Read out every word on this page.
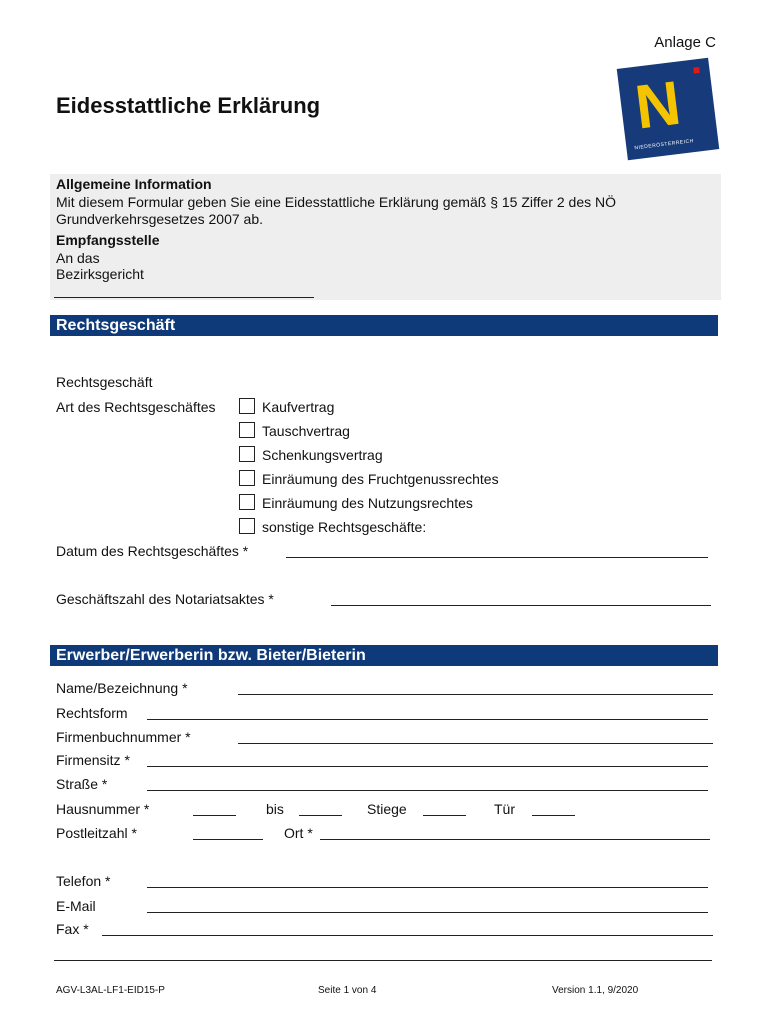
Anlage C
N
NIEDERÖSTERREICH
Eidesstattliche Erklärung
Allgemeine Information
Mit diesem Formular geben Sie eine Eidesstattliche Erklärung gemäß § 15 Ziffer 2 des NÖ
Grundverkehrsgesetzes 2007 ab.
Empfangsstelle
An das
Bezirksgericht
Rechtsgeschäft
Rechtsgeschäft
Art des Rechtsgeschäftes	Kaufvertrag
Tauschvertrag
Schenkungsvertrag
Einräumung des Fruchtgenussrechtes
Einräumung des Nutzungsrechtes
sonstige Rechtsgeschäfte:
Datum des Rechtsgeschäftes *
Geschäftszahl des Notariatsaktes *
Erwerber/Erwerberin bzw. Bieter/Bieterin
Name/Bezeichnung *
Rechtsform
Firmenbuchnummer *
Firmensitz *
Straße *
Hausnummer *	bis	Stiege	Tür
Postleitzahl *	Ort *
Telefon *
E-Mail
Fax *
AGV-L3AL-LF1-EID15-P	Seite 1 von 4	Version 1.1, 9/2020
